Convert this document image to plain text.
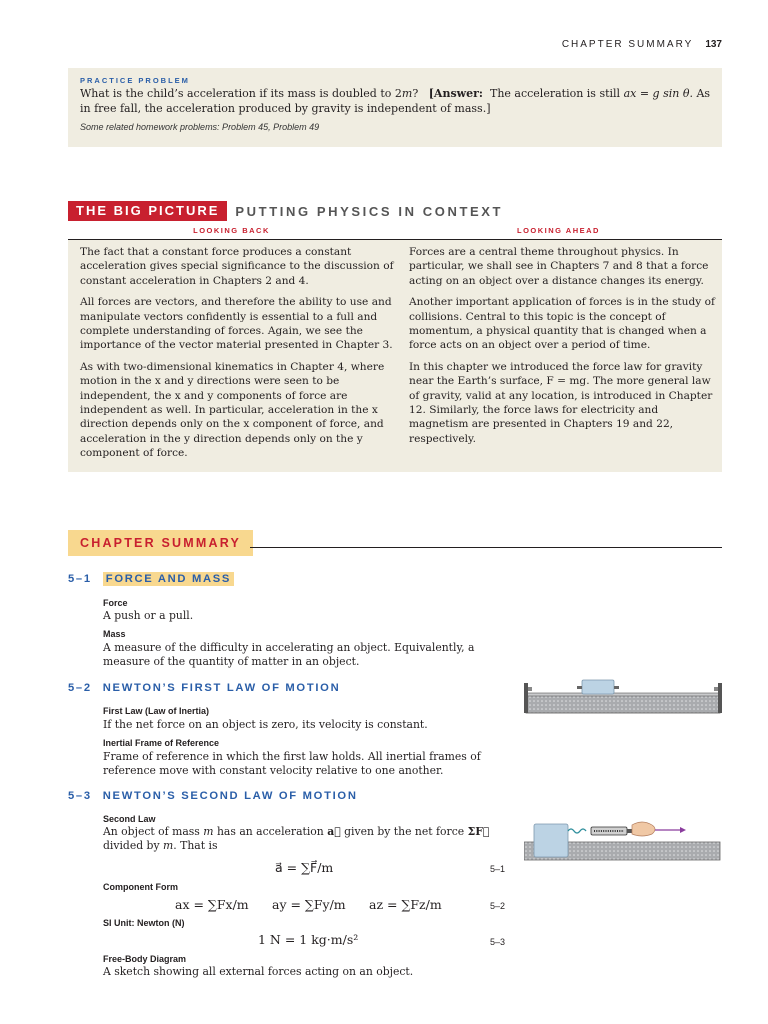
CHAPTER SUMMARY 137
PRACTICE PROBLEM
What is the child’s acceleration if its mass is doubled to 2m? [Answer: The acceleration is still ax = g sin θ. As in free fall, the acceleration produced by gravity is independent of mass.]
Some related homework problems: Problem 45, Problem 49
THE BIG PICTURE	PUTTING PHYSICS IN CONTEXT
LOOKING BACK	LOOKING AHEAD

The fact that a constant force produces a constant acceleration gives special significance to the discussion of constant acceleration in Chapters 2 and 4.

All forces are vectors, and therefore the ability to use and manipulate vectors confidently is essential to a full and complete understanding of forces. Again, we see the importance of the vector material presented in Chapter 3.

As with two-dimensional kinematics in Chapter 4, where motion in the x and y directions were seen to be independent, the x and y components of force are independent as well. In particular, acceleration in the x direction depends only on the x component of force, and acceleration in the y direction depends only on the y component of force.

Forces are a central theme throughout physics. In particular, we shall see in Chapters 7 and 8 that a force acting on an object over a distance changes its energy.

Another important application of forces is in the study of collisions. Central to this topic is the concept of momentum, a physical quantity that is changed when a force acts on an object over a period of time.

In this chapter we introduced the force law for gravity near the Earth’s surface, F = mg. The more general law of gravity, valid at any location, is introduced in Chapter 12. Similarly, the force laws for electricity and magnetism are presented in Chapters 19 and 22, respectively.

CHAPTER SUMMARY
5–1 FORCE AND MASS
Force
A push or a pull.
Mass
A measure of the difficulty in accelerating an object. Equivalently, a measure of the quantity of matter in an object.
5–2 NEWTON’S FIRST LAW OF MOTION
First Law (Law of Inertia)
If the net force on an object is zero, its velocity is constant.
Inertial Frame of Reference
Frame of reference in which the first law holds. All inertial frames of reference move with constant velocity relative to one another.
5–3 NEWTON’S SECOND LAW OF MOTION
Second Law
An object of mass m has an acceleration a⃗ given by the net force ΣF⃗ divided by m. That is
a⃗ = ∑F⃗/m	5–1
Component Form
ax = ∑Fx/m ay = ∑Fy/m az = ∑Fz/m	5–2
SI Unit: Newton (N)
1 N = 1 kg·m/s²	5–3
Free-Body Diagram
A sketch showing all external forces acting on an object.
